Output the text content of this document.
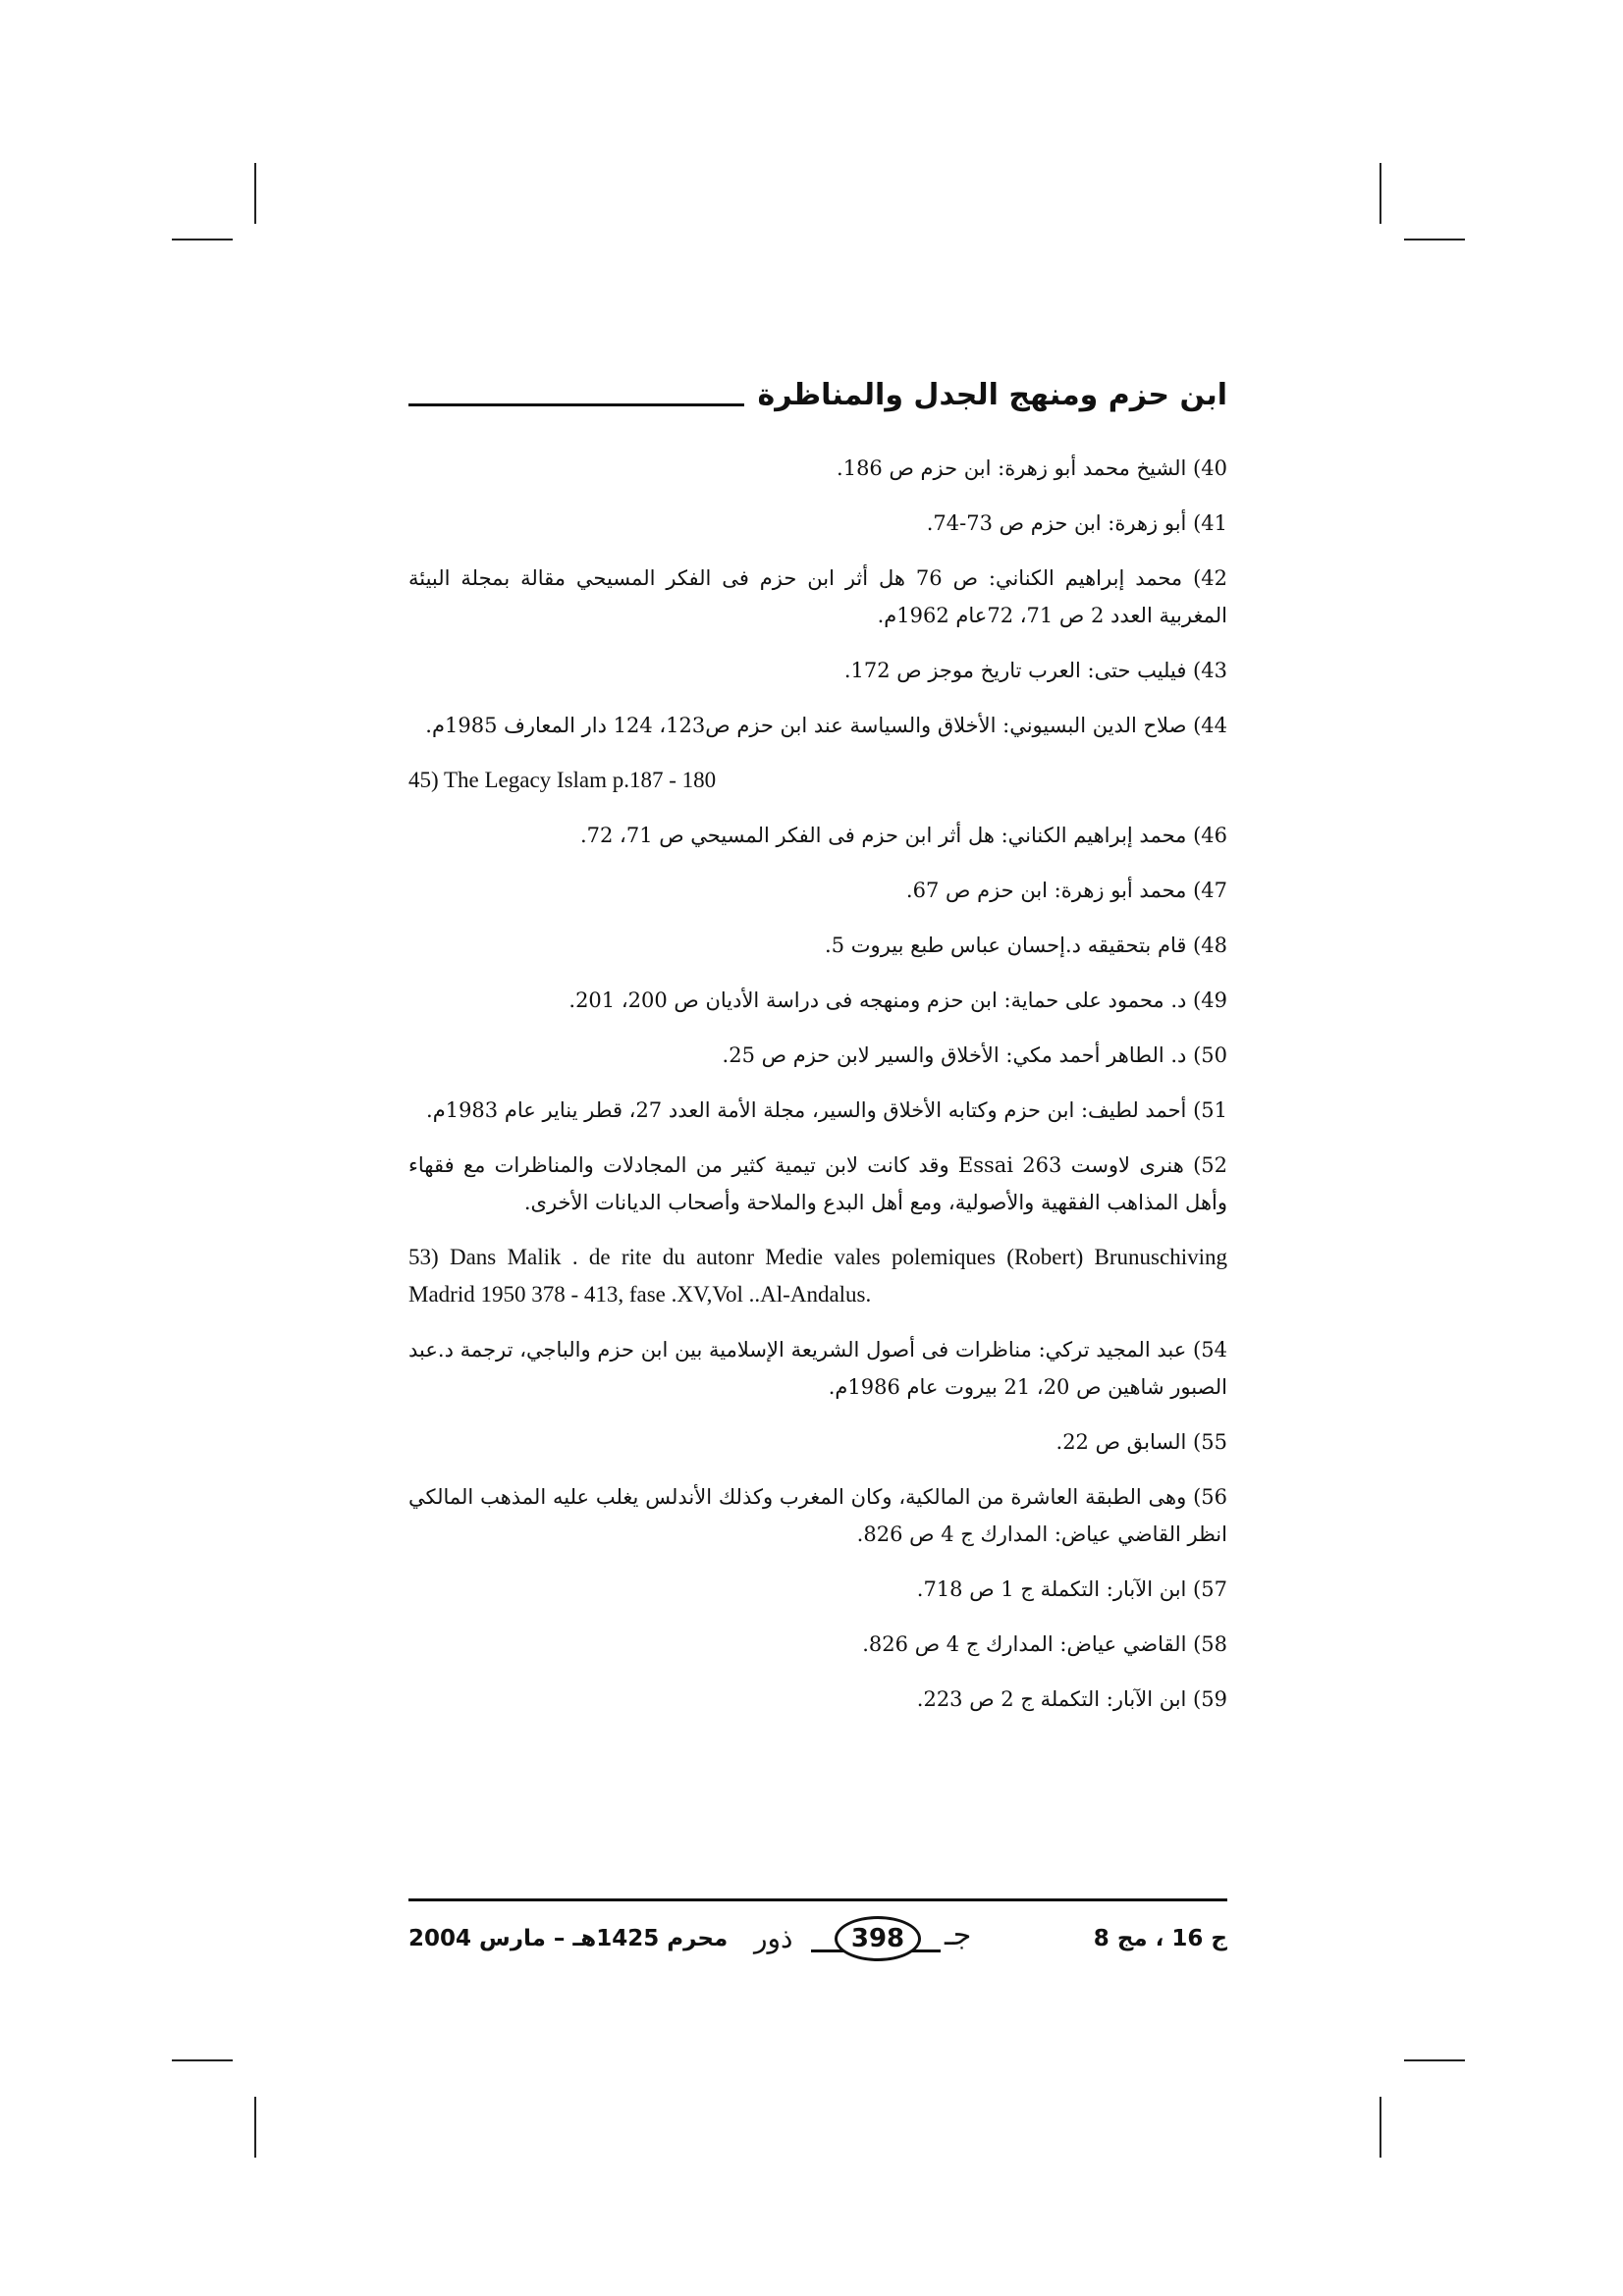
ابن حزم ومنهج الجدل والمناظرة

40) الشيخ محمد أبو زهرة: ابن حزم ص 186.

41) أبو زهرة: ابن حزم ص 73-74.

42) محمد إبراهيم الكناني: ص 76 هل أثر ابن حزم فى الفكر المسيحي مقالة بمجلة البيئة المغربية العدد 2 ص 71، 72عام 1962م.

43) فيليب حتى: العرب تاريخ موجز ص 172.

44) صلاح الدين البسيوني: الأخلاق والسياسة عند ابن حزم ص123، 124 دار المعارف 1985م.

45) The Legacy Islam p.187 - 180

46) محمد إبراهيم الكناني: هل أثر ابن حزم فى الفكر المسيحي ص 71، 72.

47) محمد أبو زهرة: ابن حزم ص 67.

48) قام بتحقيقه د.إحسان عباس طبع بيروت 5.

49) د. محمود على حماية: ابن حزم ومنهجه فى دراسة الأديان ص 200، 201.

50) د. الطاهر أحمد مكي: الأخلاق والسير لابن حزم ص 25.

51) أحمد لطيف: ابن حزم وكتابه الأخلاق والسير، مجلة الأمة العدد 27، قطر يناير عام 1983م.

52) هنرى لاوست Essai 263 وقد كانت لابن تيمية كثير من المجادلات والمناظرات مع فقهاء وأهل المذاهب الفقهية والأصولية، ومع أهل البدع والملاحة وأصحاب الديانات الأخرى.

53) Dans Malik . de rite du autonr Medie vales polemiques (Robert) Brunuschiving Madrid 1950 378 - 413, fase .XV,Vol ..Al-Andalus.

54) عبد المجيد تركي: مناظرات فى أصول الشريعة الإسلامية بين ابن حزم والباجي، ترجمة د.عبد الصبور شاهين ص 20، 21 بيروت عام 1986م.

55) السابق ص 22.

56) وهى الطبقة العاشرة من المالكية، وكان المغرب وكذلك الأندلس يغلب عليه المذهب المالكي انظر القاضي عياض: المدارك ج 4 ص 826.

57) ابن الآبار: التكملة ج 1 ص 718.

58) القاضي عياض: المدارك ج 4 ص 826.

59) ابن الآبار: التكملة ج 2 ص 223.

محرم 1425هـ – مارس 2004 ذور	398	جـ	ج 16 ، مج 8
